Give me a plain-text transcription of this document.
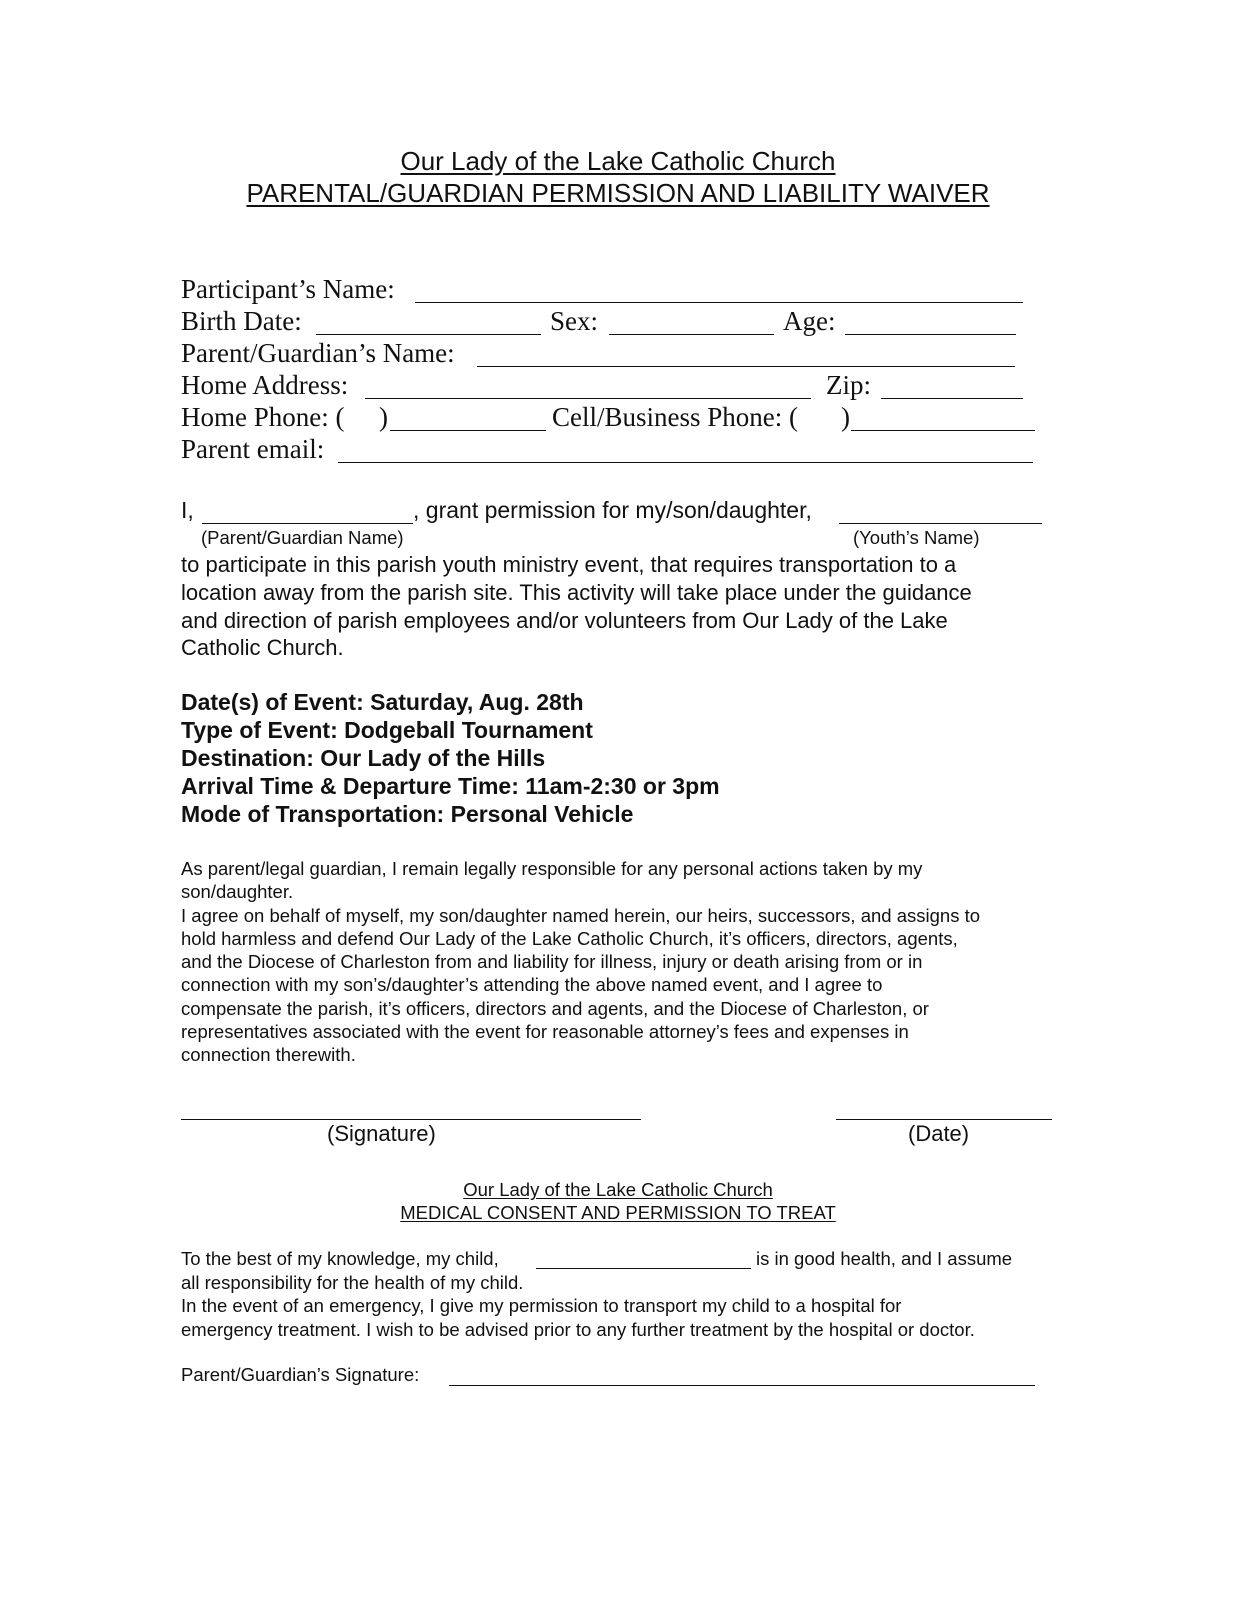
Our Lady of the Lake Catholic Church
PARENTAL/GUARDIAN PERMISSION AND LIABILITY WAIVER
Participant’s Name:
Birth Date:	Sex:	Age:
Parent/Guardian’s Name:
Home Address:	Zip:
Home Phone: ( )	Cell/Business Phone: ( )
Parent email:
I,	, grant permission for my/son/daughter,
(Parent/Guardian Name)	(Youth’s Name)
to participate in this parish youth ministry event, that requires transportation to a
location away from the parish site. This activity will take place under the guidance
and direction of parish employees and/or volunteers from Our Lady of the Lake
Catholic Church.
Date(s) of Event: Saturday, Aug. 28th
Type of Event: Dodgeball Tournament
Destination: Our Lady of the Hills
Arrival Time & Departure Time: 11am-2:30 or 3pm
Mode of Transportation: Personal Vehicle
As parent/legal guardian, I remain legally responsible for any personal actions taken by my
son/daughter.
I agree on behalf of myself, my son/daughter named herein, our heirs, successors, and assigns to
hold harmless and defend Our Lady of the Lake Catholic Church, it’s officers, directors, agents,
and the Diocese of Charleston from and liability for illness, injury or death arising from or in
connection with my son’s/daughter’s attending the above named event, and I agree to
compensate the parish, it’s officers, directors and agents, and the Diocese of Charleston, or
representatives associated with the event for reasonable attorney’s fees and expenses in
connection therewith.
(Signature)	(Date)
Our Lady of the Lake Catholic Church
MEDICAL CONSENT AND PERMISSION TO TREAT
To the best of my knowledge, my child,	is in good health, and I assume
all responsibility for the health of my child.
In the event of an emergency, I give my permission to transport my child to a hospital for
emergency treatment. I wish to be advised prior to any further treatment by the hospital or doctor.
Parent/Guardian’s Signature:
